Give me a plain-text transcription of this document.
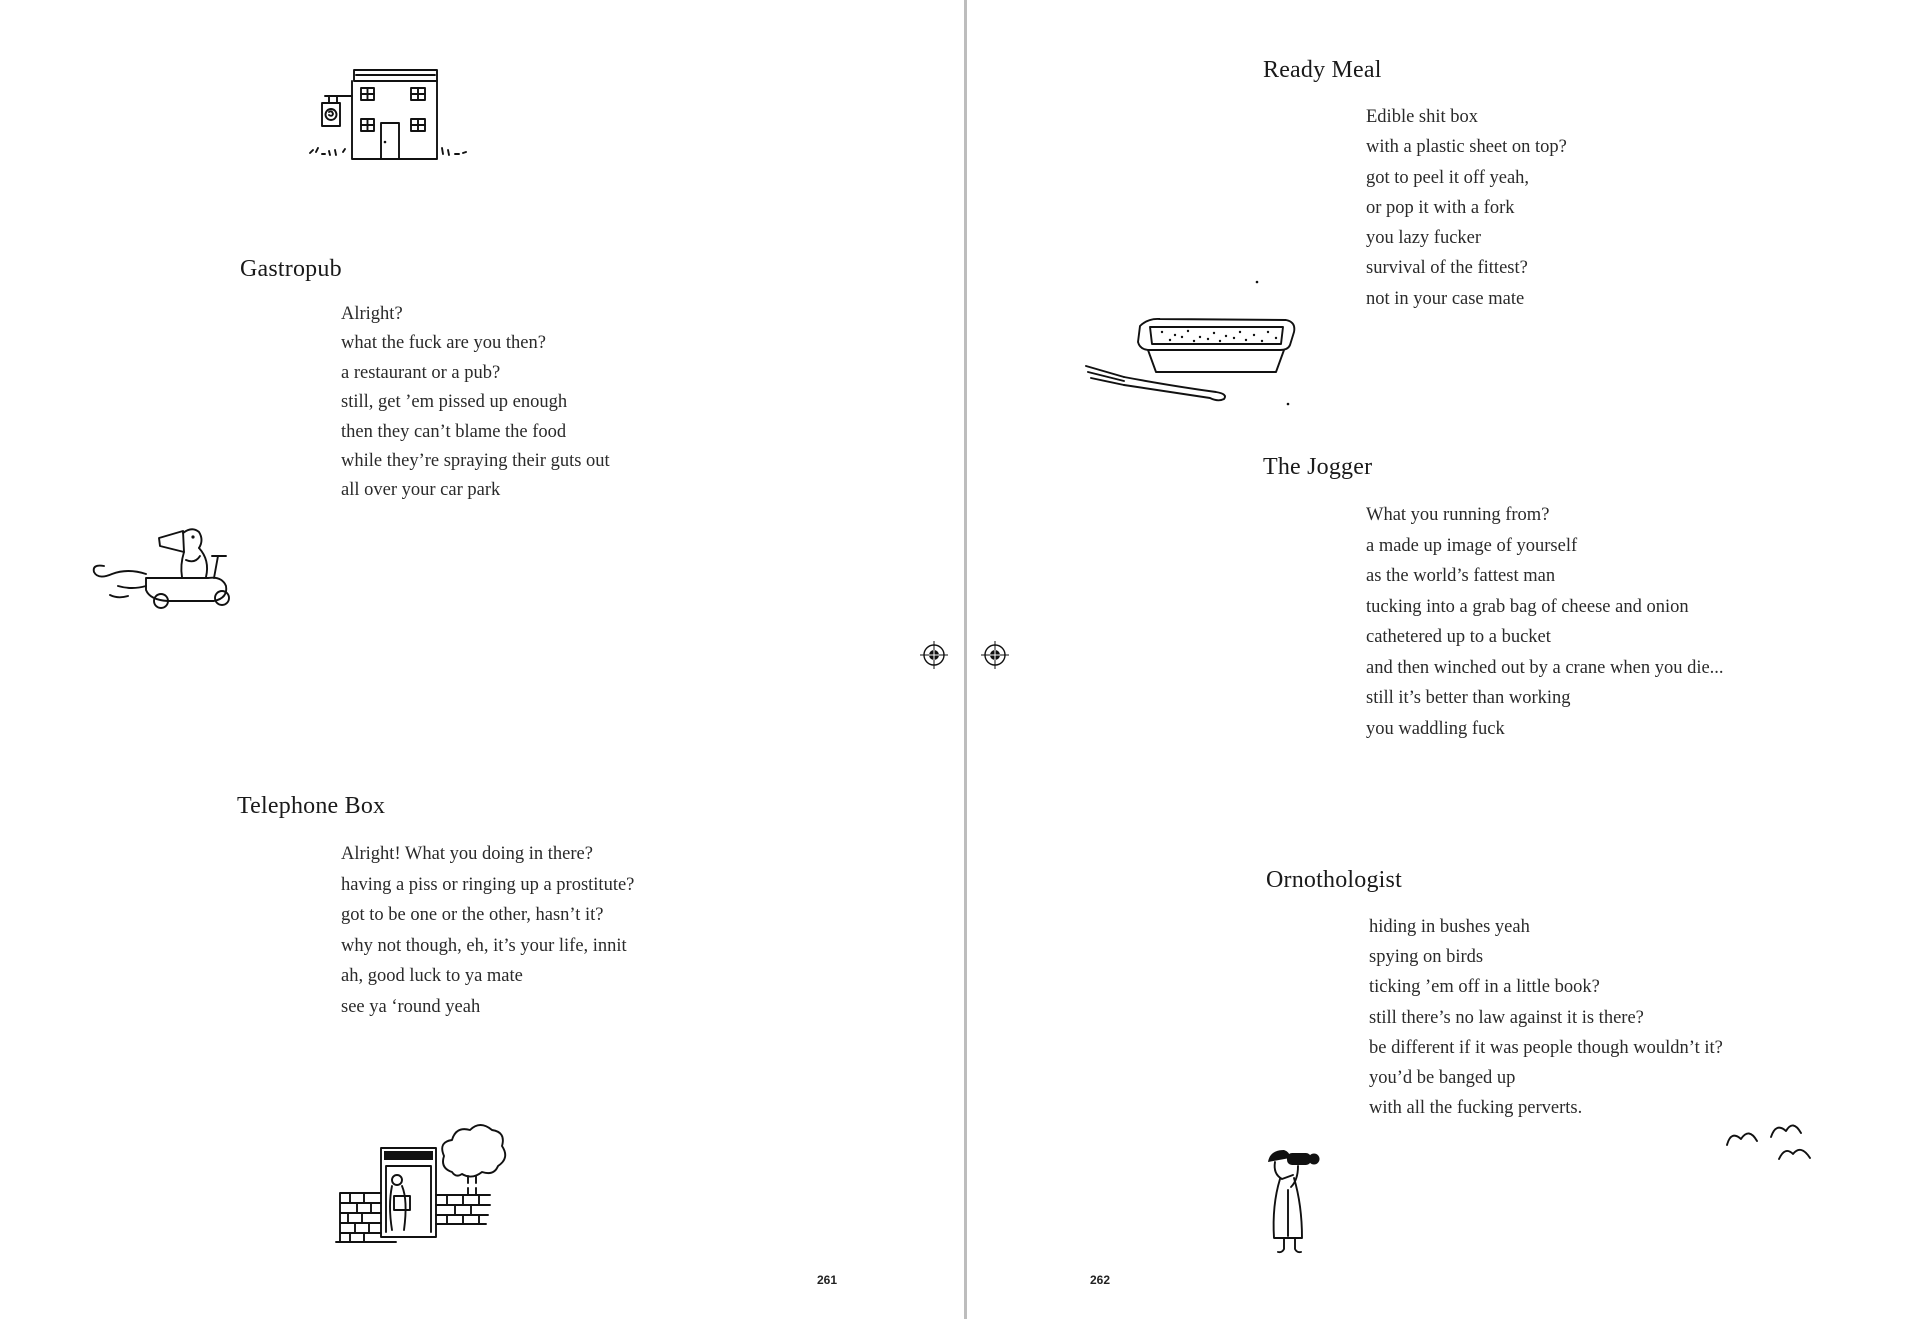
Gastropub
Alright?
what the fuck are you then?
a restaurant or a pub?
still, get ’em pissed up enough
then they can’t blame the food
while they’re spraying their guts out
all over your car park
Telephone Box
Alright! What you doing in there?
having a piss or ringing up a prostitute?
got to be one or the other, hasn’t it?
why not though, eh, it’s your life, innit
ah, good luck to ya mate
see ya ‘round yeah
261
Ready Meal
Edible shit box
with a plastic sheet on top?
got to peel it off yeah,
or pop it with a fork
you lazy fucker
survival of the fittest?
not in your case mate
The Jogger
What you running from?
a made up image of yourself
as the world’s fattest man
tucking into a grab bag of cheese and onion
cathetered up to a bucket
and then winched out by a crane when you die...
still it’s better than working
you waddling fuck
Ornothologist
hiding in bushes yeah
spying on birds
ticking ’em off in a little book?
still there’s no law against it is there?
be different if it was people though wouldn’t it?
you’d be banged up
with all the fucking perverts.
262
